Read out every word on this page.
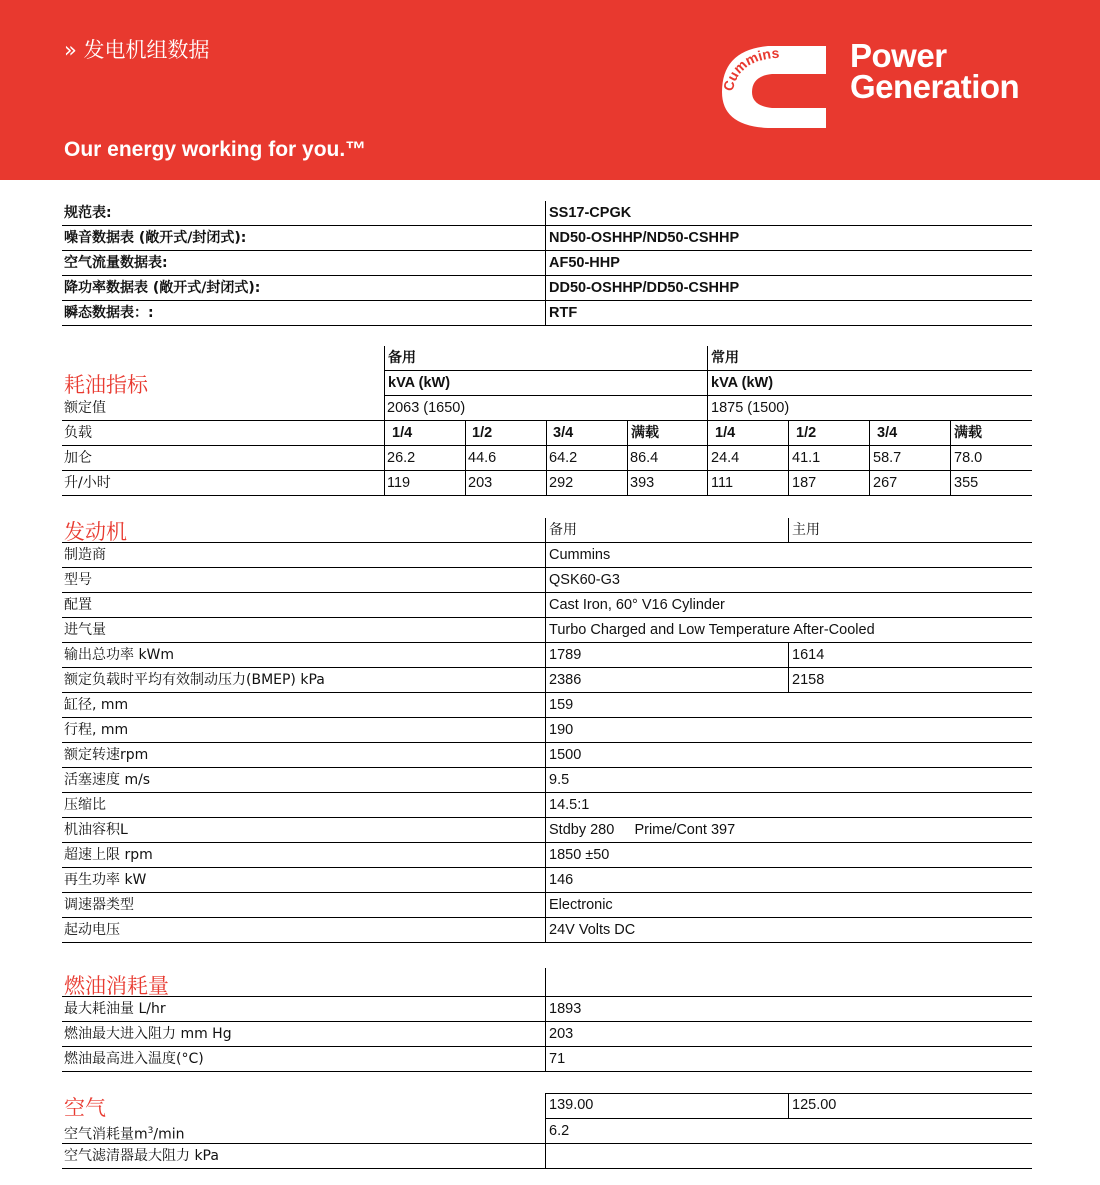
» 发电机组数据
Our energy working for you.™
Cummins Power
Generation
规范表:	SS17-CPGK
噪音数据表 (敞开式/封闭式):	ND50-OSHHP/ND50-CSHHP
空气流量数据表:	AF50-HHP
降功率数据表 (敞开式/封闭式):	DD50-OSHHP/DD50-CSHHP
瞬态数据表：:	RTF
耗油指标
备用	常用
kVA (kW)	kVA (kW)
额定值	2063 (1650)	1875 (1500)
负载	1/4	1/2	3/4	满载	1/4	1/2	3/4	满载
加仑	26.2	44.6	64.2	86.4	24.4	41.1	58.7	78.0
升/小时	119	203	292	393	111	187	267	355
发动机	备用	主用
制造商	Cummins
型号	QSK60-G3
配置	Cast Iron, 60° V16 Cylinder
进气量	Turbo Charged and Low Temperature After-Cooled
输出总功率 kWm	1789	1614
额定负载时平均有效制动压力(BMEP) kPa	2386	2158
缸径, mm	159
行程, mm	190
额定转速rpm	1500
活塞速度 m/s	9.5
压缩比	14.5:1
机油容积L	Stdby 280     Prime/Cont 397
超速上限 rpm	1850 ±50
再生功率 kW	146
调速器类型	Electronic
起动电压	24V Volts DC
燃油消耗量
最大耗油量 L/hr	1893
燃油最大进入阻力 mm Hg	203
燃油最高进入温度(°C)	71
空气	139.00	125.00
空气消耗量$m^3/\min$	6.2
空气滤清器最大阻力 kPa
